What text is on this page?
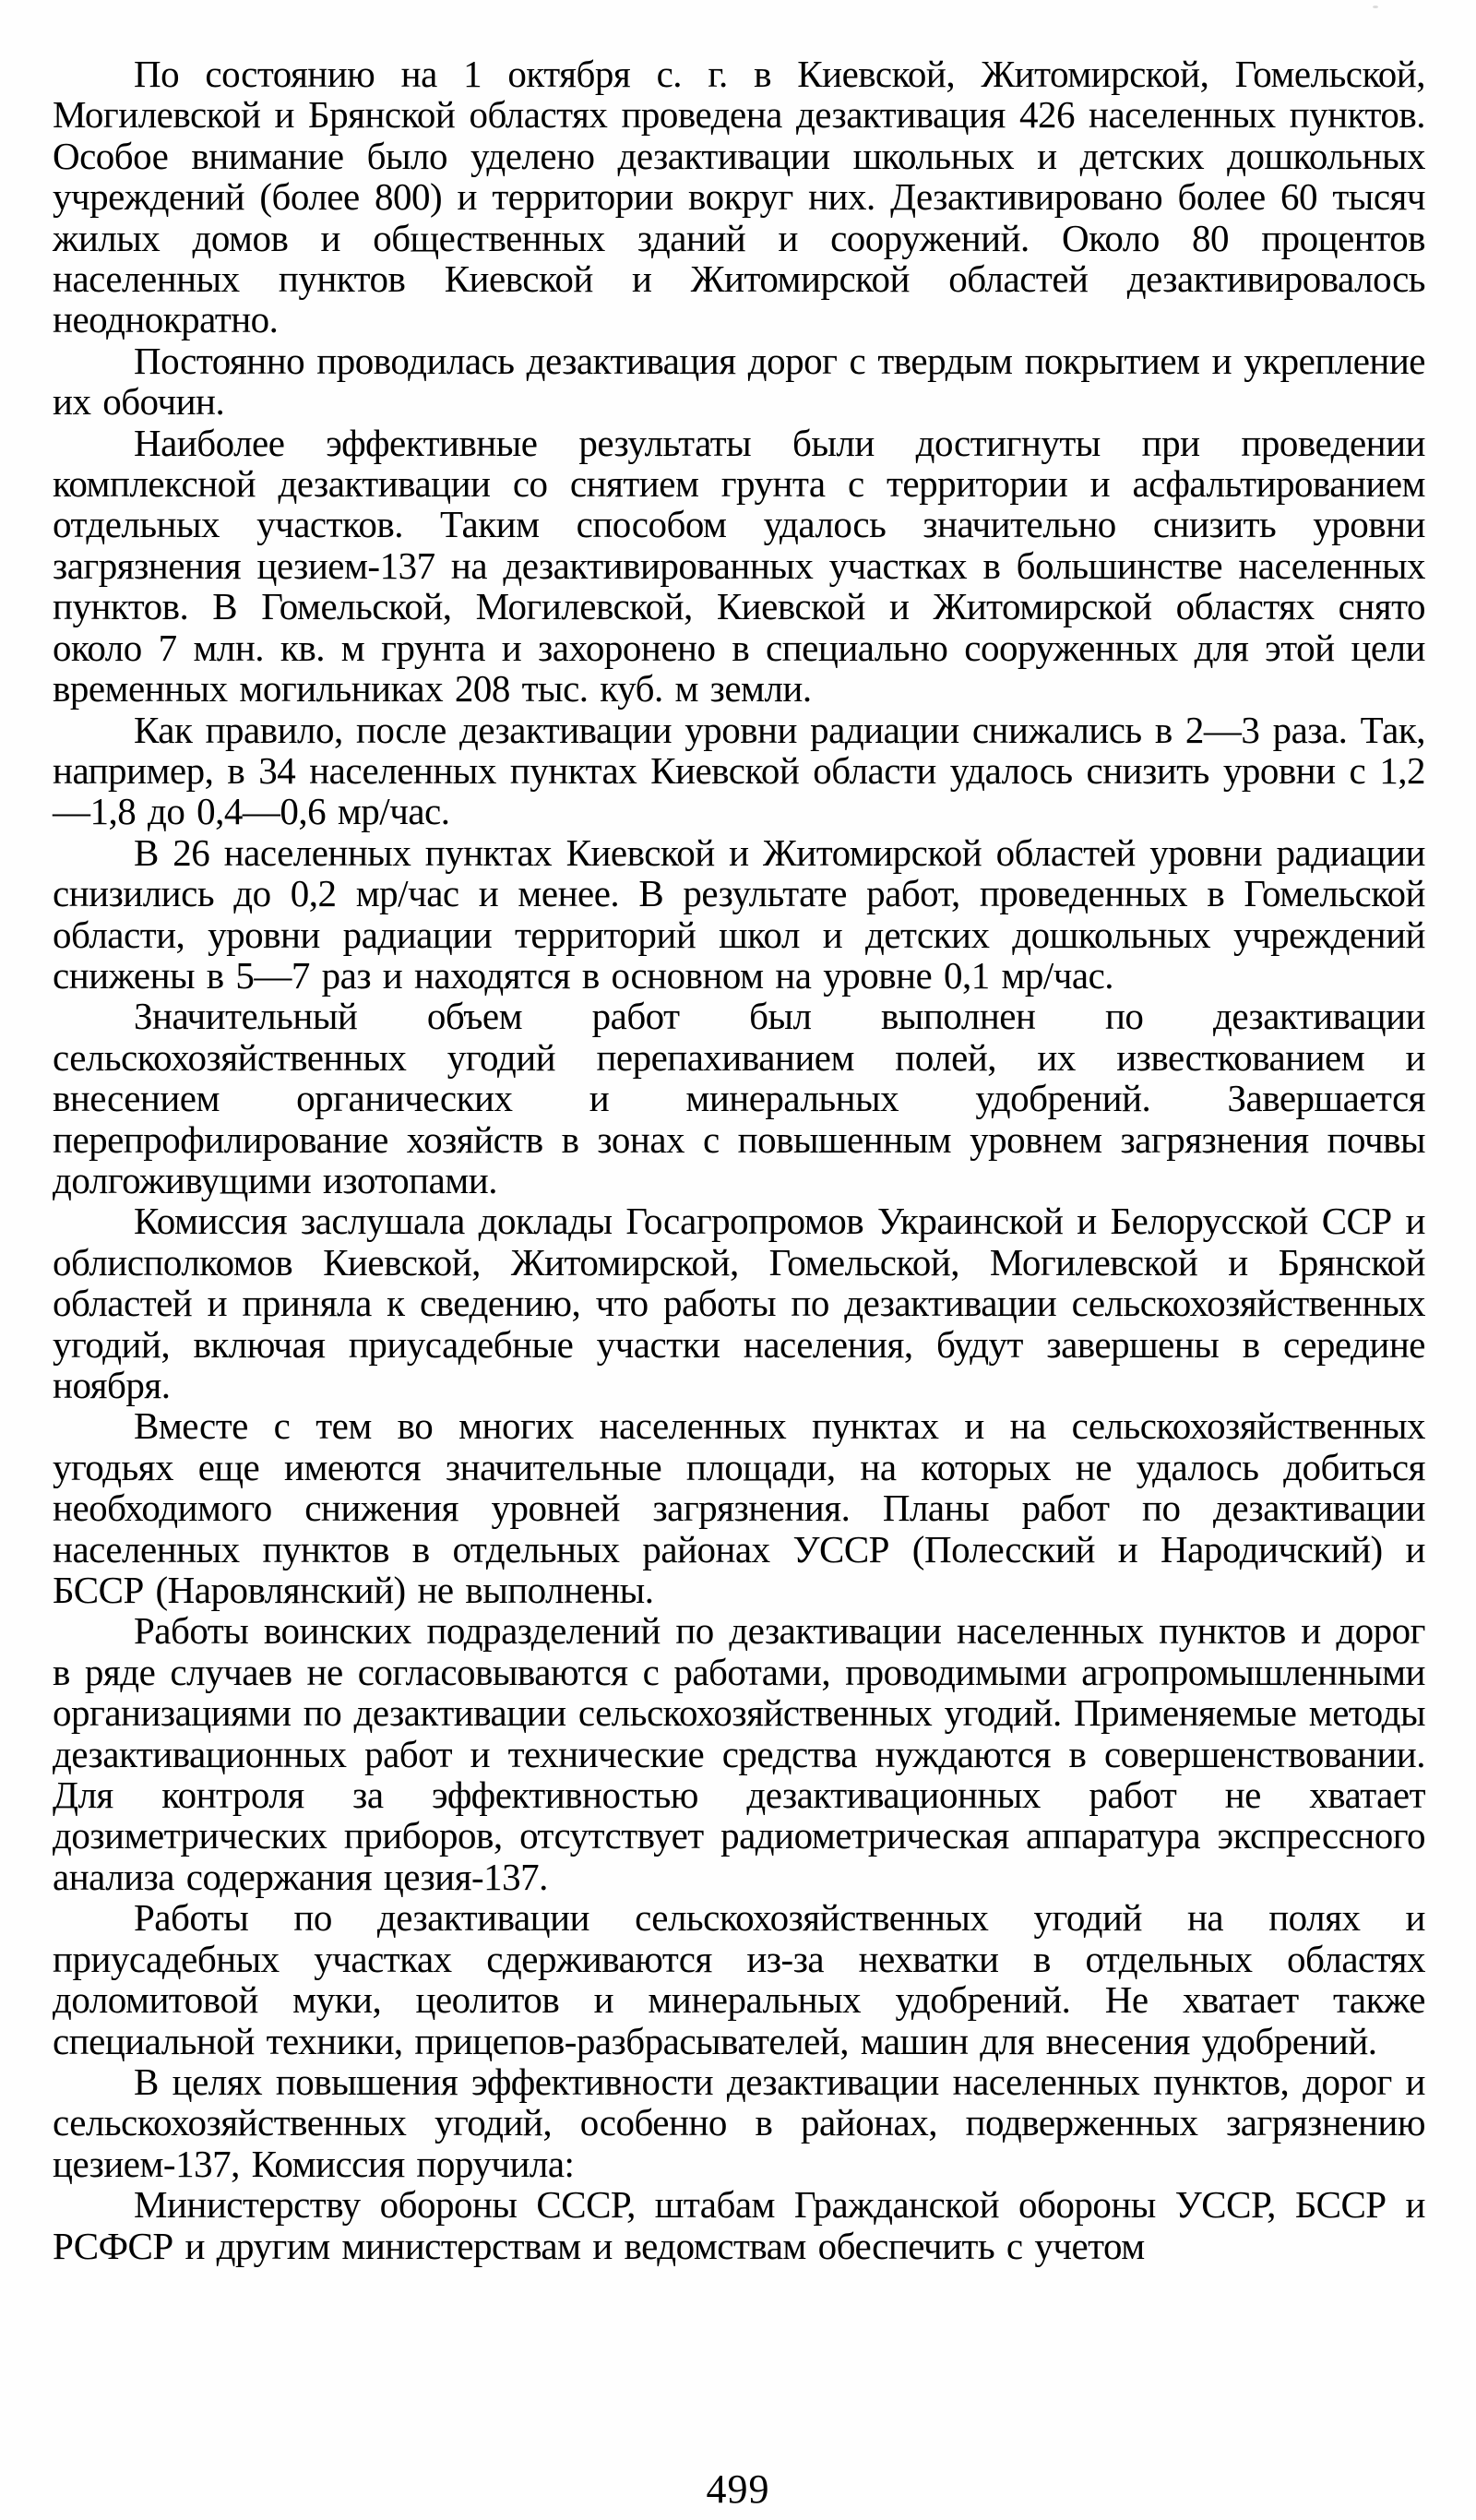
По состоянию на 1 октября с. г. в Киевской, Житомирской, Гомельской, Могилевской и Брянской областях проведена дезактивация 426 населенных пунктов. Особое внимание было уделено дезактивации школьных и детских дошкольных учреждений (более 800) и территории вокруг них. Дезактивировано более 60 тысяч жилых домов и общественных зданий и сооружений. Около 80 процентов населенных пунктов Киевской и Житомирской областей дезактивировалось неоднократно.

Постоянно проводилась дезактивация дорог с твердым покрытием и укрепление их обочин.

Наиболее эффективные результаты были достигнуты при проведении комплексной дезактивации со снятием грунта с территории и асфальтированием отдельных участков. Таким способом удалось значительно снизить уровни загрязнения цезием-137 на дезактивированных участках в большинстве населенных пунктов. В Гомельской, Могилевской, Киевской и Житомирской областях снято около 7 млн. кв. м грунта и захоронено в специально сооруженных для этой цели временных могильниках 208 тыс. куб. м земли.

Как правило, после дезактивации уровни радиации снижались в 2—3 раза. Так, например, в 34 населенных пунктах Киевской области удалось снизить уровни с 1,2—1,8 до 0,4—0,6 мр/час.

В 26 населенных пунктах Киевской и Житомирской областей уровни радиации снизились до 0,2 мр/час и менее. В результате работ, проведенных в Гомельской области, уровни радиации территорий школ и детских дошкольных учреждений снижены в 5—7 раз и находятся в основном на уровне 0,1 мр/час.

Значительный объем работ был выполнен по дезактивации сельскохозяйственных угодий перепахиванием полей, их известкованием и внесением органических и минеральных удобрений. Завершается перепрофилирование хозяйств в зонах с повышенным уровнем загрязнения почвы долгоживущими изотопами.

Комиссия заслушала доклады Госагропромов Украинской и Белорусской ССР и облисполкомов Киевской, Житомирской, Гомельской, Могилевской и Брянской областей и приняла к сведению, что работы по дезактивации сельскохозяйственных угодий, включая приусадебные участки населения, будут завершены в середине ноября.

Вместе с тем во многих населенных пунктах и на сельскохозяйственных угодьях еще имеются значительные площади, на которых не удалось добиться необходимого снижения уровней загрязнения. Планы работ по дезактивации населенных пунктов в отдельных районах УССР (Полесский и Народичский) и БССР (Наровлянский) не выполнены.

Работы воинских подразделений по дезактивации населенных пунктов и дорог в ряде случаев не согласовываются с работами, проводимыми агропромышленными организациями по дезактивации сельскохозяйственных угодий. Применяемые методы дезактивационных работ и технические средства нуждаются в совершенствовании. Для контроля за эффективностью дезактивационных работ не хватает дозиметрических приборов, отсутствует радиометрическая аппаратура экспрессного анализа содержания цезия-137.

Работы по дезактивации сельскохозяйственных угодий на полях и приусадебных участках сдерживаются из-за нехватки в отдельных областях доломитовой муки, цеолитов и минеральных удобрений. Не хватает также специальной техники, прицепов-разбрасывателей, машин для внесения удобрений.

В целях повышения эффективности дезактивации населенных пунктов, дорог и сельскохозяйственных угодий, особенно в районах, подверженных загрязнению цезием-137, Комиссия поручила:

Министерству обороны СССР, штабам Гражданской обороны УССР, БССР и РСФСР и другим министерствам и ведомствам обеспечить с учетом

499
